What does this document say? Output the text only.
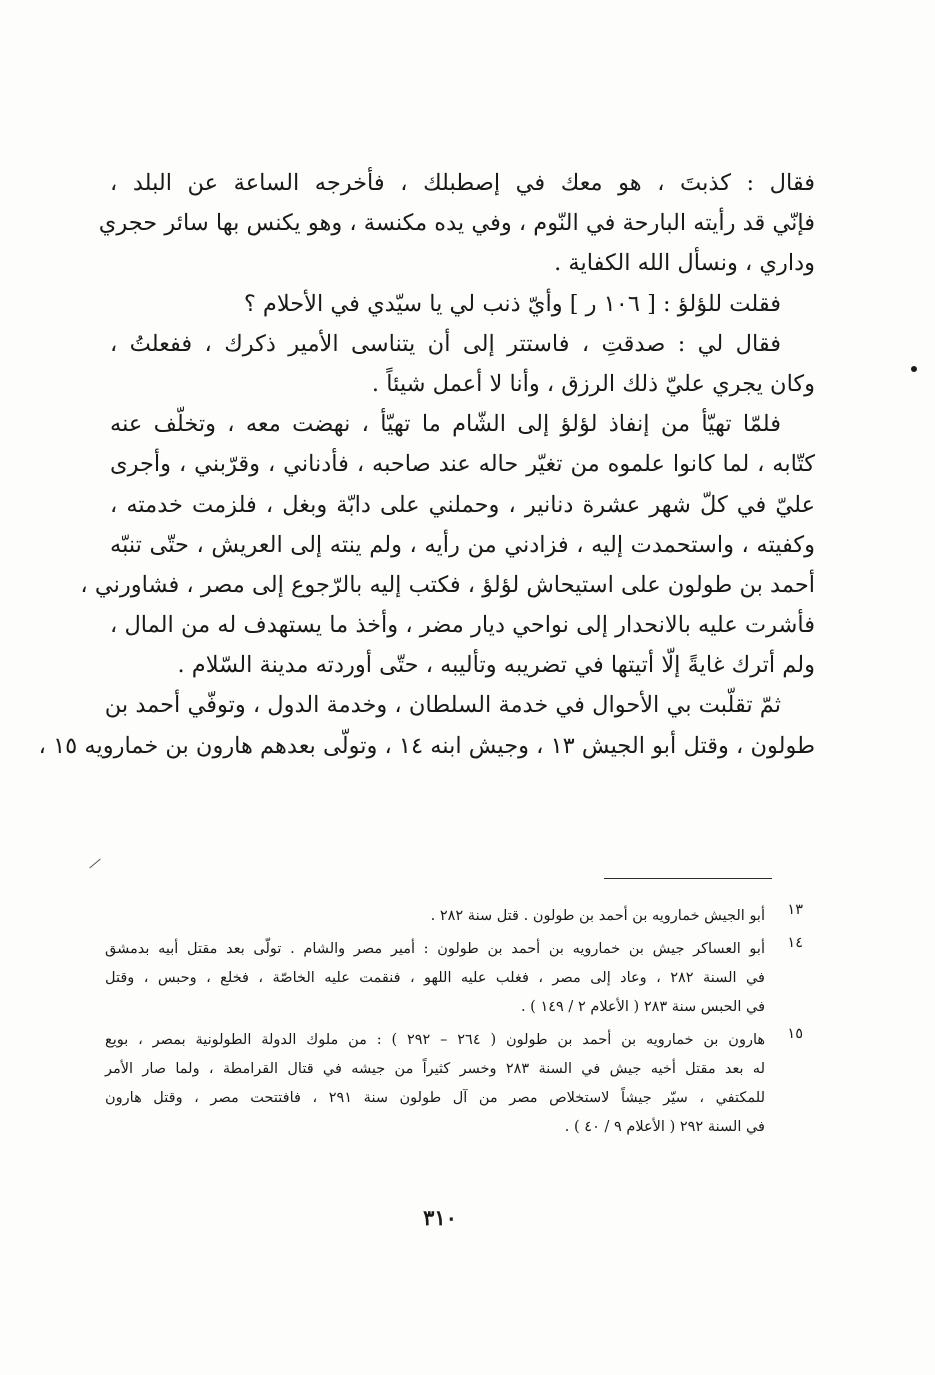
فقال : كذبتَ ، هو معك في إصطبلك ، فأخرجه الساعة عن البلد ،
فإنّي قد رأيته البارحة في النّوم ، وفي يده مكنسة ، وهو يكنس بها سائر حجري
وداري ، ونسأل الله الكفاية .
فقلت للؤلؤ : [ ١٠٦ ر ] وأيّ ذنب لي يا سيّدي في الأحلام ؟
فقال لي : صدقتِ ، فاستتر إلى أن يتناسى الأمير ذكرك ، ففعلتُ ،
وكان يجري عليّ ذلك الرزق ، وأنا لا أعمل شيئاً .
فلمّا تهيّأ من إنفاذ لؤلؤ إلى الشّام ما تهيّأ ، نهضت معه ، وتخلّف عنه
كتّابه ، لما كانوا علموه من تغيّر حاله عند صاحبه ، فأدناني ، وقرّبني ، وأجرى
عليّ في كلّ شهر عشرة دنانير ، وحملني على دابّة وبغل ، فلزمت خدمته ،
وكفيته ، واستحمدت إليه ، فزادني من رأيه ، ولم ينته إلى العريش ، حتّى تنبّه
أحمد بن طولون على استيحاش لؤلؤ ، فكتب إليه بالرّجوع إلى مصر ، فشاورني ،
فأشرت عليه بالانحدار إلى نواحي ديار مضر ، وأخذ ما يستهدف له من المال ،
ولم أترك غايةً إلّا أتيتها في تضريبه وتأليبه ، حتّى أوردته مدينة السّلام .
ثمّ تقلّبت بي الأحوال في خدمة السلطان ، وخدمة الدول ، وتوفّي أحمد بن
طولون ، وقتل أبو الجيش ١٣ ، وجيش ابنه ١٤ ، وتولّى بعدهم هارون بن خمارويه ١٥ ،
١٣
أبو الجيش خمارويه بن أحمد بن طولون . قتل سنة ٢٨٢ .
١٤
أبو العساكر جيش بن خمارويه بن أحمد بن طولون : أمير مصر والشام . تولّى بعد مقتل أبيه بدمشق
في السنة ٢٨٢ ، وعاد إلى مصر ، فغلب عليه اللهو ، فنقمت عليه الخاصّة ، فخلع ، وحبس ، وقتل
في الحبس سنة ٢٨٣ ( الأعلام ٢ / ١٤٩ ) .
١٥
هارون بن خمارويه بن أحمد بن طولون ( ٢٦٤ – ٢٩٢ ) : من ملوك الدولة الطولونية بمصر ، بويع
له بعد مقتل أخيه جيش في السنة ٢٨٣ وخسر كثيراً من جيشه في قتال القرامطة ، ولما صار الأمر
للمكتفي ، سيّر جيشاً لاستخلاص مصر من آل طولون سنة ٢٩١ ، فافتتحت مصر ، وقتل هارون
في السنة ٢٩٢ ( الأعلام ٩ / ٤٠ ) .
٣١٠
